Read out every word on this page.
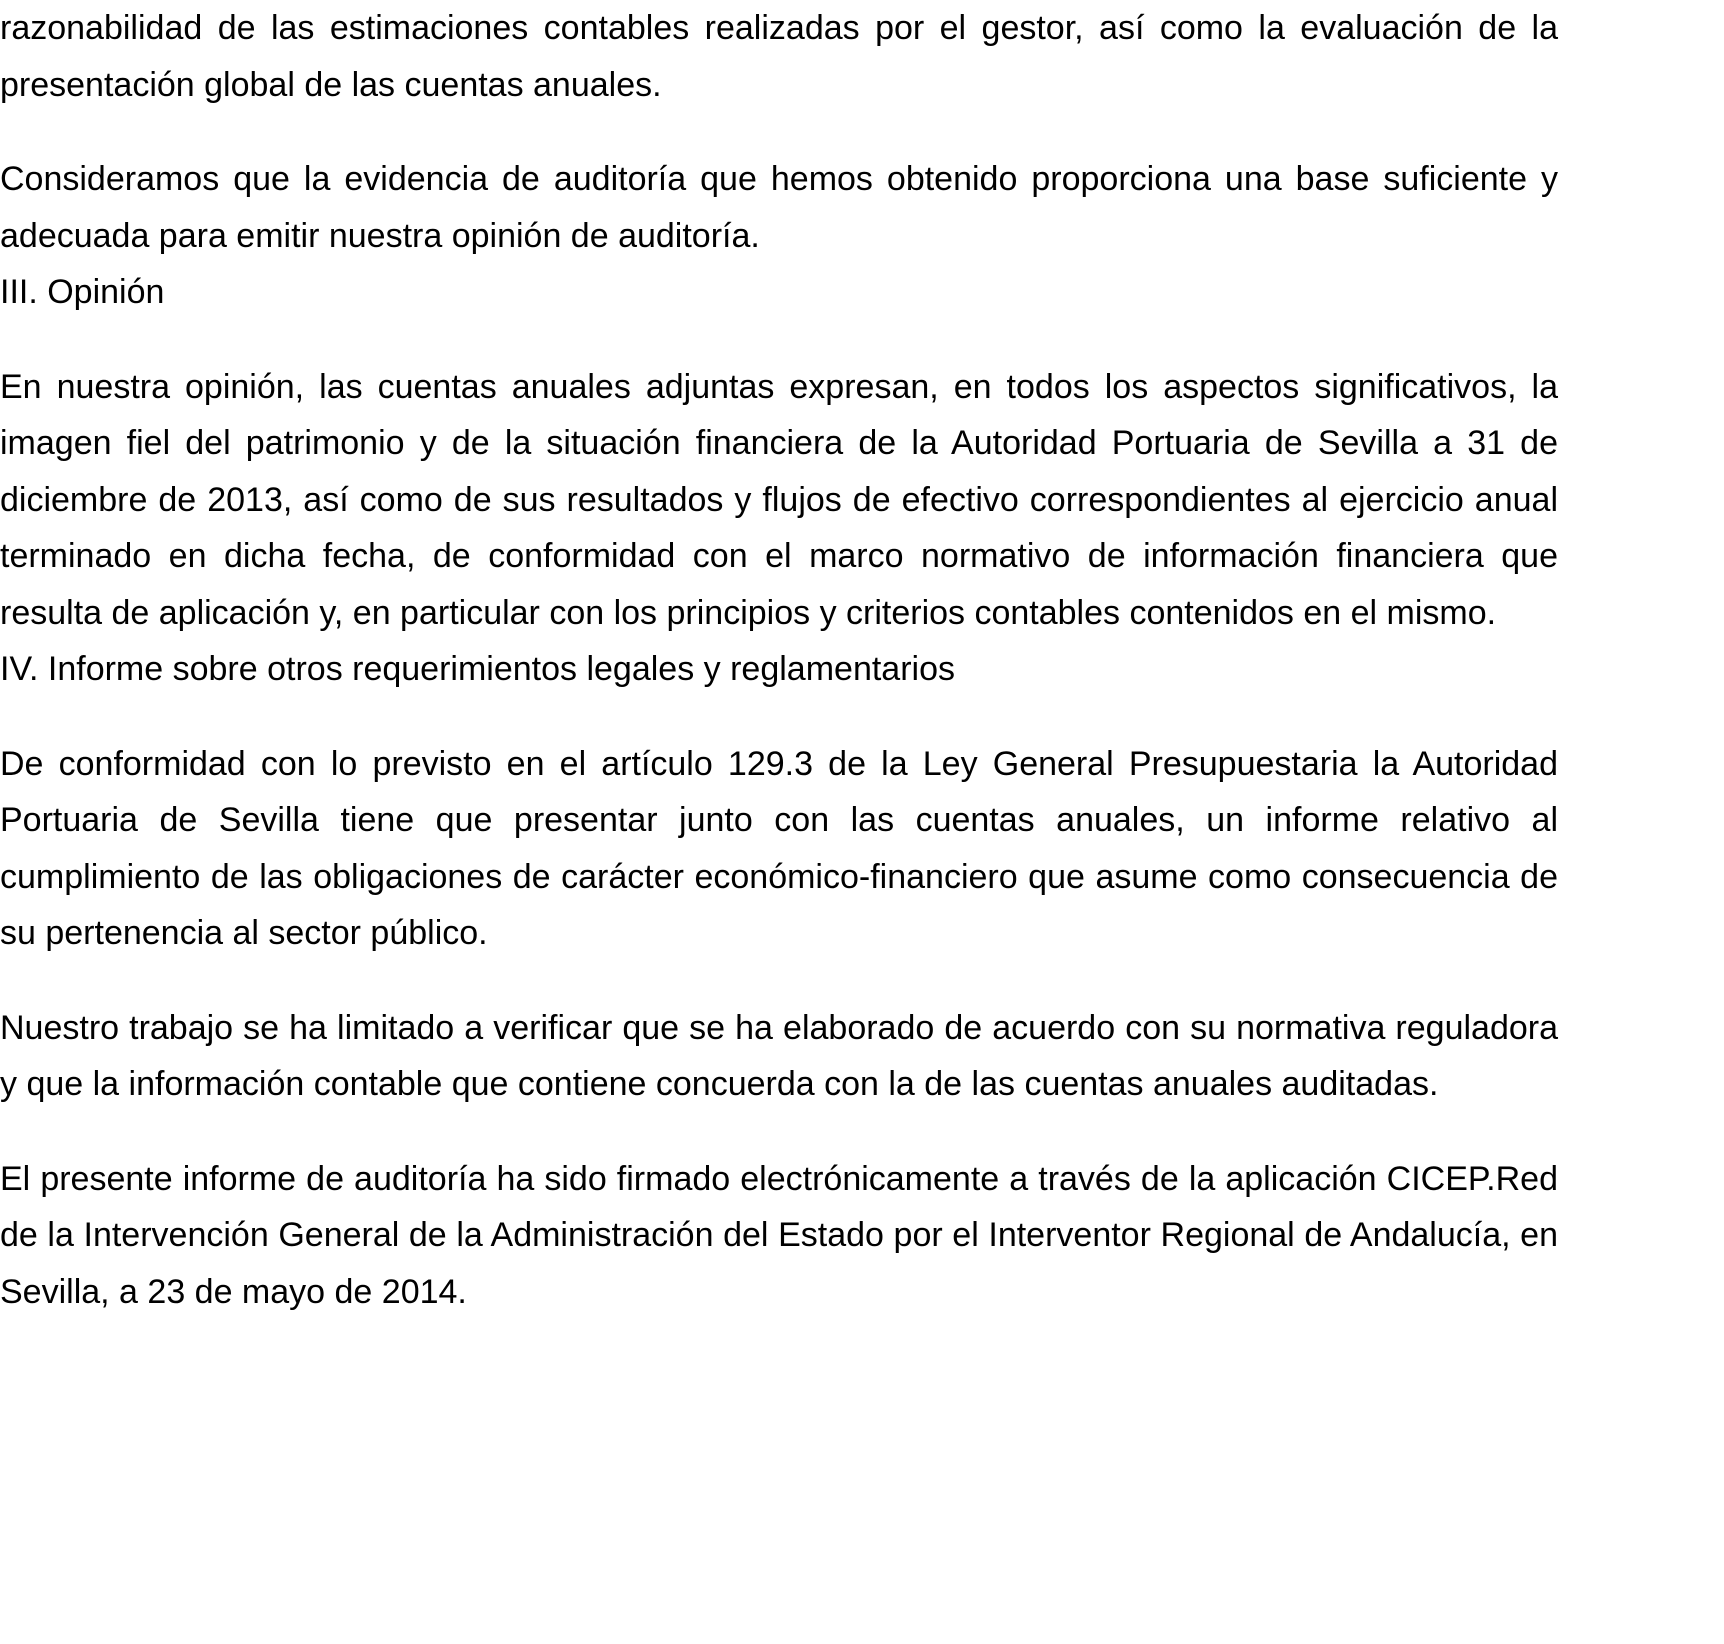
razonabilidad de las estimaciones contables realizadas por el gestor, así como la evaluación de la presentación global de las cuentas anuales.

Consideramos que la evidencia de auditoría que hemos obtenido proporciona una base suficiente y adecuada para emitir nuestra opinión de auditoría.

III. Opinión

En nuestra opinión, las cuentas anuales adjuntas expresan, en todos los aspectos significativos, la imagen fiel del patrimonio y de la situación financiera de la Autoridad Portuaria de Sevilla a 31 de diciembre de 2013, así como de sus resultados y flujos de efectivo correspondientes al ejercicio anual terminado en dicha fecha, de conformidad con el marco normativo de información financiera que resulta de aplicación y, en particular con los principios y criterios contables contenidos en el mismo.

IV. Informe sobre otros requerimientos legales y reglamentarios

De conformidad con lo previsto en el artículo 129.3 de la Ley General Presupuestaria la Autoridad Portuaria de Sevilla tiene que presentar junto con las cuentas anuales, un informe relativo al cumplimiento de las obligaciones de carácter económico-financiero que asume como consecuencia de su pertenencia al sector público.

Nuestro trabajo se ha limitado a verificar que se ha elaborado de acuerdo con su normativa reguladora y que la información contable que contiene concuerda con la de las cuentas anuales auditadas.

El presente informe de auditoría ha sido firmado electrónicamente a través de la aplicación CICEP.Red de la Intervención General de la Administración del Estado por el Interventor Regional de Andalucía, en Sevilla, a 23 de mayo de 2014.
